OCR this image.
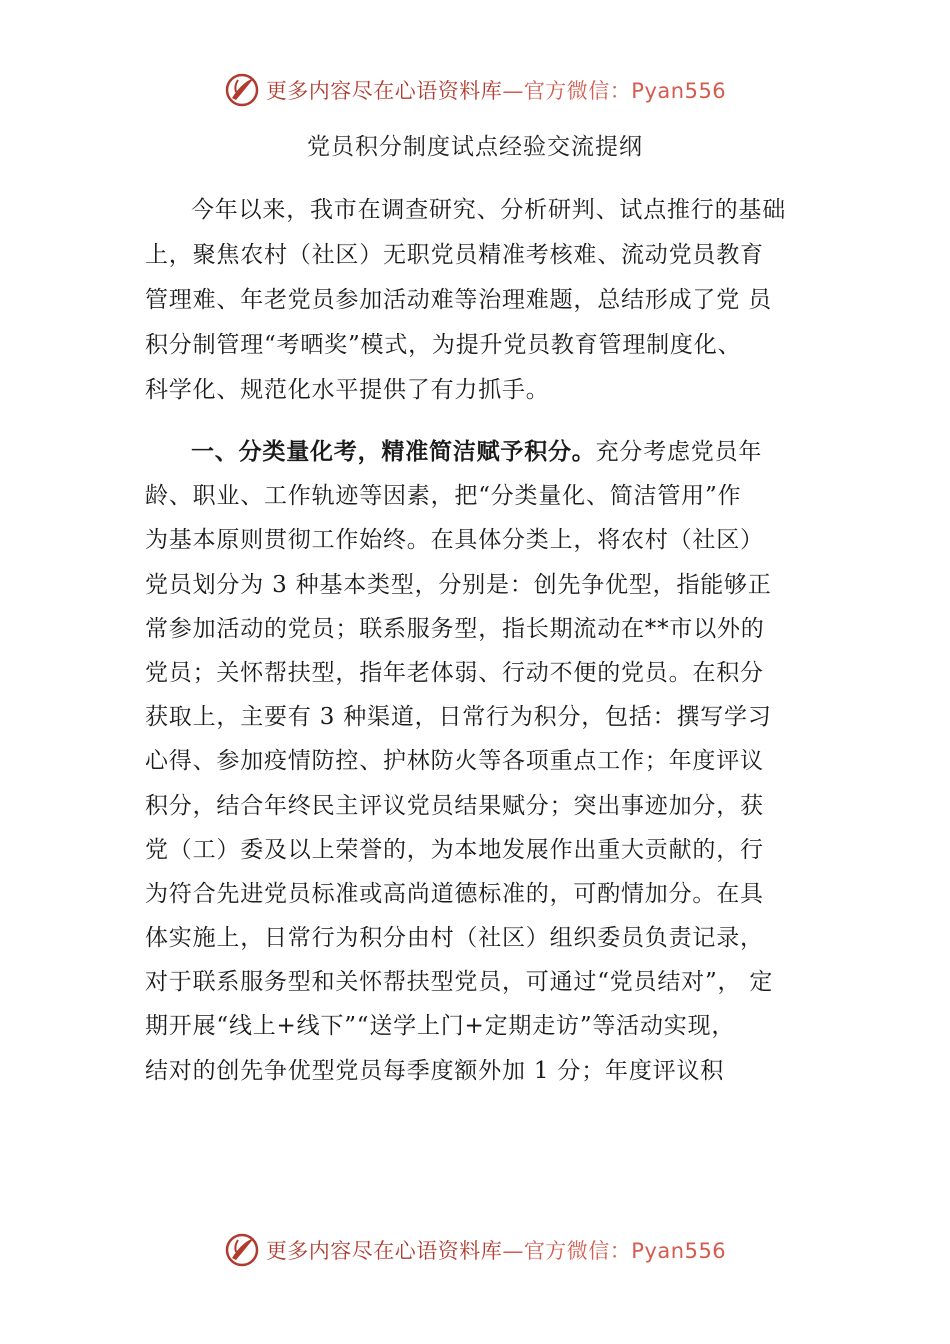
更多内容尽在心语资料库—官方微信：Pyan556
党员积分制度试点经验交流提纲
今年以来，我市在调查研究、分析研判、试点推行的基础
上，聚焦农村（社区）无职党员精准考核难、流动党员教育
管理难、年老党员参加活动难等治理难题，总结形成了党 员
积分制管理“考晒奖”模式，为提升党员教育管理制度化、
科学化、规范化水平提供了有力抓手。
一、分类量化考，精准简洁赋予积分。充分考虑党员年
龄、职业、工作轨迹等因素，把“分类量化、简洁管用”作
为基本原则贯彻工作始终。在具体分类上，将农村（社区）
党员划分为 3 种基本类型，分别是：创先争优型，指能够正
常参加活动的党员；联系服务型，指长期流动在**市以外的
党员；关怀帮扶型，指年老体弱、行动不便的党员。在积分
获取上，主要有 3 种渠道，日常行为积分，包括：撰写学习
心得、参加疫情防控、护林防火等各项重点工作；年度评议
积分，结合年终民主评议党员结果赋分；突出事迹加分，获
党（工）委及以上荣誉的，为本地发展作出重大贡献的，行
为符合先进党员标准或高尚道德标准的，可酌情加分。在具
体实施上，日常行为积分由村（社区）组织委员负责记录，
对于联系服务型和关怀帮扶型党员，可通过“党员结对”， 定
期开展“线上+线下”“送学上门+定期走访”等活动实现，
结对的创先争优型党员每季度额外加 1 分；年度评议积
更多内容尽在心语资料库—官方微信：Pyan556
